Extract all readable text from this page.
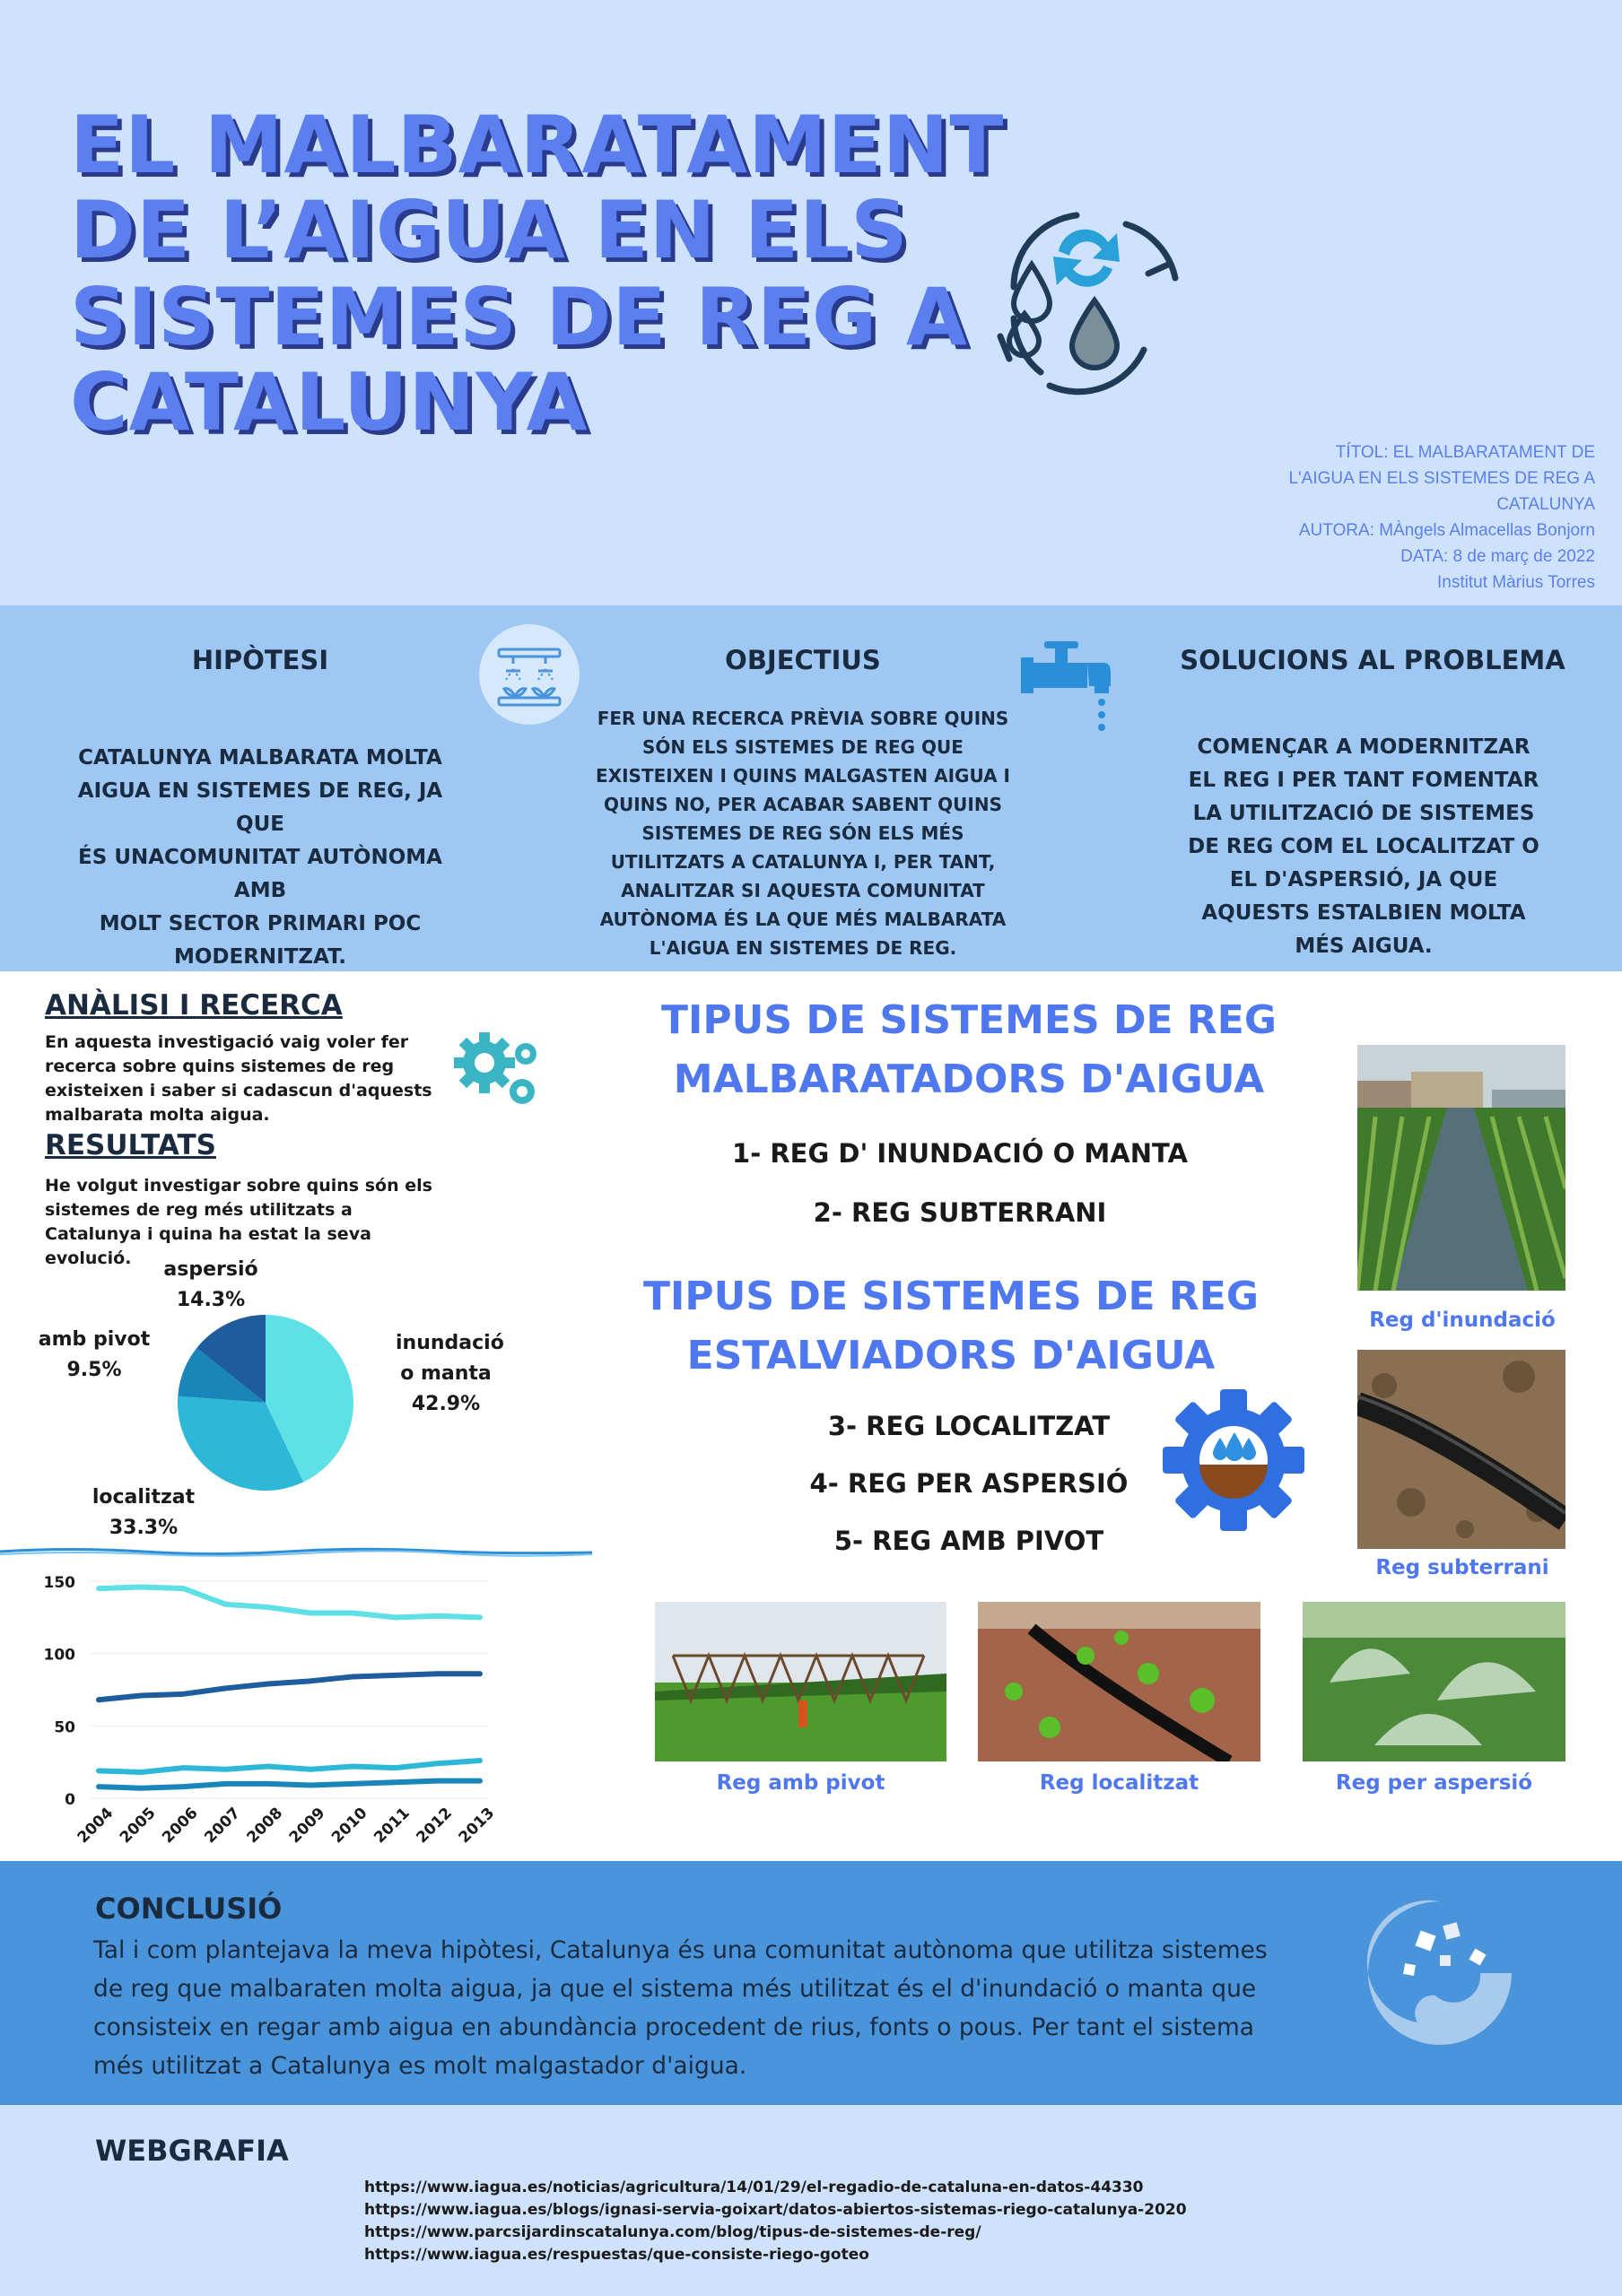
EL MALBARATAMENT
DE L’AIGUA EN ELS
SISTEMES DE REG A
CATALUNYA
TÍTOL: EL MALBARATAMENT DE
L'AIGUA EN ELS SISTEMES DE REG A
CATALUNYA
AUTORA: MÀngels Almacellas Bonjorn
DATA: 8 de març de 2022
Institut Màrius Torres
HIPÒTESI
CATALUNYA MALBARATA MOLTA
AIGUA EN SISTEMES DE REG, JA QUE
ÉS UNACOMUNITAT AUTÒNOMA AMB
MOLT SECTOR PRIMARI POC
MODERNITZAT.
OBJECTIUS
FER UNA RECERCA PRÈVIA SOBRE QUINS
SÓN ELS SISTEMES DE REG QUE
EXISTEIXEN I QUINS MALGASTEN AIGUA I
QUINS NO, PER ACABAR SABENT QUINS
SISTEMES DE REG SÓN ELS MÉS
UTILITZATS A CATALUNYA I, PER TANT,
ANALITZAR SI AQUESTA COMUNITAT
AUTÒNOMA ÉS LA QUE MÉS MALBARATA
L'AIGUA EN SISTEMES DE REG.
SOLUCIONS AL PROBLEMA
COMENÇAR A MODERNITZAR
EL REG I PER TANT FOMENTAR
LA UTILITZACIÓ DE SISTEMES
DE REG COM EL LOCALITZAT O
EL D'ASPERSIÓ, JA QUE
AQUESTS ESTALBIEN MOLTA
MÉS AIGUA.
ANÀLISI I RECERCA
En aquesta investigació vaig voler fer
recerca sobre quins sistemes de reg
existeixen i saber si cadascun d'aquests
malbarata molta aigua.
RESULTATS
He volgut investigar sobre quins són els
sistemes de reg més utilitzats a
Catalunya i quina ha estat la seva
evolució.	aspersió
14.3%
amb pivot
9.5%
inundació o manta
42.9%
localitzat
33.3%
150
100
50
0
2004 2005 2006 2007 2008 2009 2010 2011 2012 2013
TIPUS DE SISTEMES DE REG
MALBARATADORS D'AIGUA
1- REG D' INUNDACIÓ O MANTA
2- REG SUBTERRANI
TIPUS DE SISTEMES DE REG
ESTALVIADORS D'AIGUA
3- REG LOCALITZAT
4- REG PER ASPERSIÓ
5- REG AMB PIVOT
Reg d'inundació
Reg subterrani
Reg amb pivot	Reg localitzat	Reg per aspersió
CONCLUSIÓ
Tal i com plantejava la meva hipòtesi, Catalunya és una comunitat autònoma que utilitza sistemes
de reg que malbaraten molta aigua, ja que el sistema més utilitzat és el d'inundació o manta que
consisteix en regar amb aigua en abundància procedent de rius, fonts o pous. Per tant el sistema
més utilitzat a Catalunya es molt malgastador d'aigua.
WEBGRAFIA
https://www.iagua.es/noticias/agricultura/14/01/29/el-regadio-de-cataluna-en-datos-44330
https://www.iagua.es/blogs/ignasi-servia-goixart/datos-abiertos-sistemas-riego-catalunya-2020
https://www.parcsijardinscatalunya.com/blog/tipus-de-sistemes-de-reg/
https://www.iagua.es/respuestas/que-consiste-riego-goteo
